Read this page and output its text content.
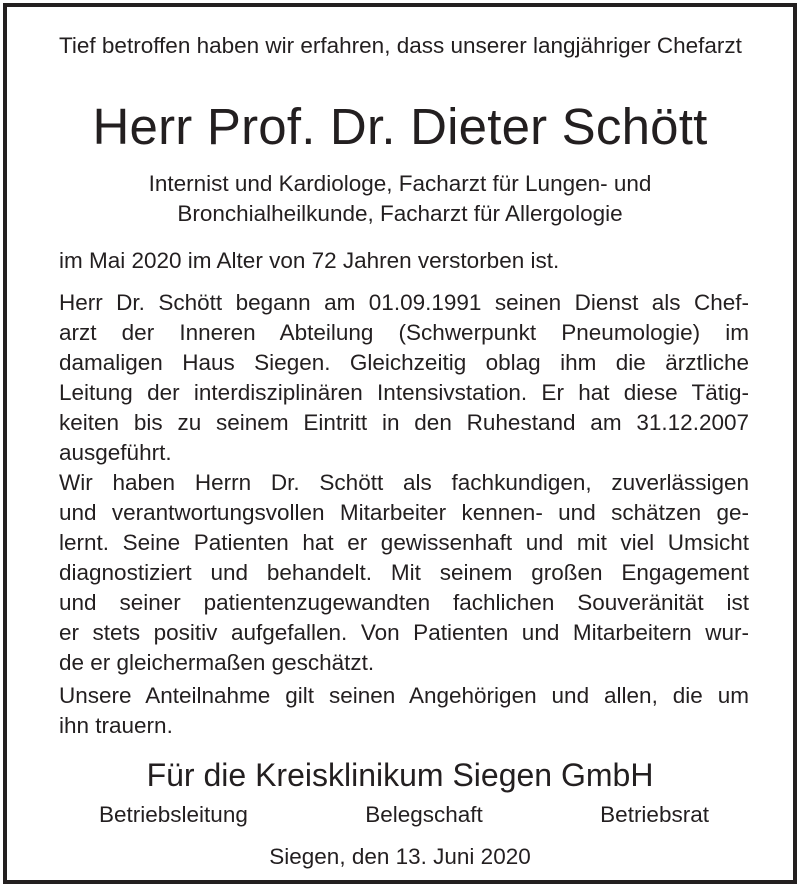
Tief betroffen haben wir erfahren, dass unserer langjähriger Chefarzt

Herr Prof. Dr. Dieter Schött

Internist und Kardiologe, Facharzt für Lungen- und
Bronchialheilkunde, Facharzt für Allergologie

im Mai 2020 im Alter von 72 Jahren verstorben ist.

Herr Dr. Schött begann am 01.09.1991 seinen Dienst als Chef-
arzt der Inneren Abteilung (Schwerpunkt Pneumologie) im
damaligen Haus Siegen. Gleichzeitig oblag ihm die ärztliche
Leitung der interdisziplinären Intensivstation. Er hat diese Tätig-
keiten bis zu seinem Eintritt in den Ruhestand am 31.12.2007
ausgeführt.
Wir haben Herrn Dr. Schött als fachkundigen, zuverlässigen
und verantwortungsvollen Mitarbeiter kennen- und schätzen ge-
lernt. Seine Patienten hat er gewissenhaft und mit viel Umsicht
diagnostiziert und behandelt. Mit seinem großen Engagement
und seiner patientenzugewandten fachlichen Souveränität ist
er stets positiv aufgefallen. Von Patienten und Mitarbeitern wur-
de er gleichermaßen geschätzt.
Unsere Anteilnahme gilt seinen Angehörigen und allen, die um
ihn trauern.

Für die Kreisklinikum Siegen GmbH

Betriebsleitung	Belegschaft	Betriebsrat

Siegen, den 13. Juni 2020
